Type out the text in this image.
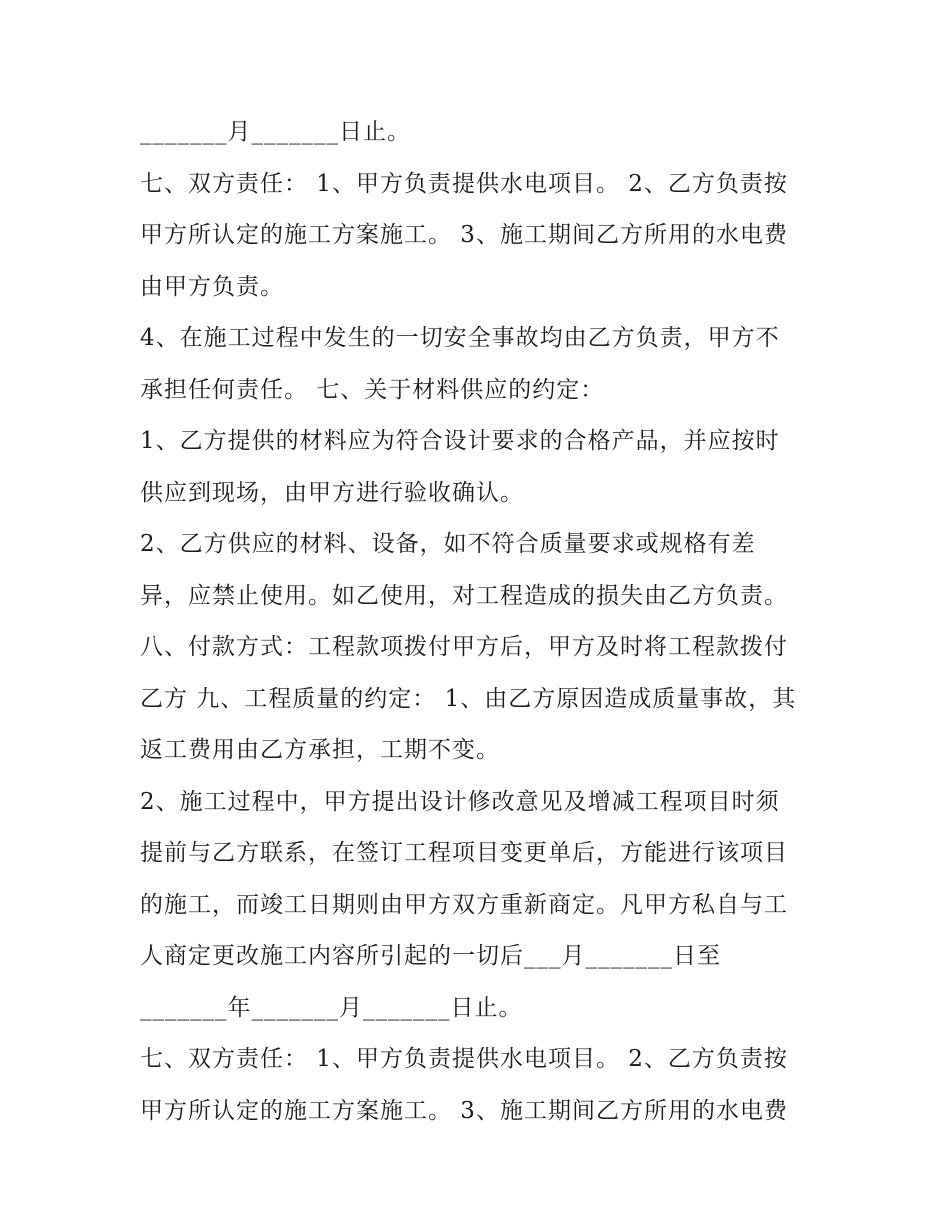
_______月_______日止。
七、双方责任： 1、甲方负责提供水电项目。 2、乙方负责按
甲方所认定的施工方案施工。 3、施工期间乙方所用的水电费
由甲方负责。
4、在施工过程中发生的一切安全事故均由乙方负责，甲方不
承担任何责任。 七、关于材料供应的约定：
1、乙方提供的材料应为符合设计要求的合格产品，并应按时
供应到现场，由甲方进行验收确认。
2、乙方供应的材料、设备，如不符合质量要求或规格有差
异，应禁止使用。如乙使用，对工程造成的损失由乙方负责。
八、付款方式：工程款项拨付甲方后，甲方及时将工程款拨付
乙方 九、工程质量的约定： 1、由乙方原因造成质量事故，其
返工费用由乙方承担，工期不变。
2、施工过程中，甲方提出设计修改意见及增减工程项目时须
提前与乙方联系，在签订工程项目变更单后，方能进行该项目
的施工，而竣工日期则由甲方双方重新商定。凡甲方私自与工
人商定更改施工内容所引起的一切后___月_______日至
_______年_______月_______日止。
七、双方责任： 1、甲方负责提供水电项目。 2、乙方负责按
甲方所认定的施工方案施工。 3、施工期间乙方所用的水电费
